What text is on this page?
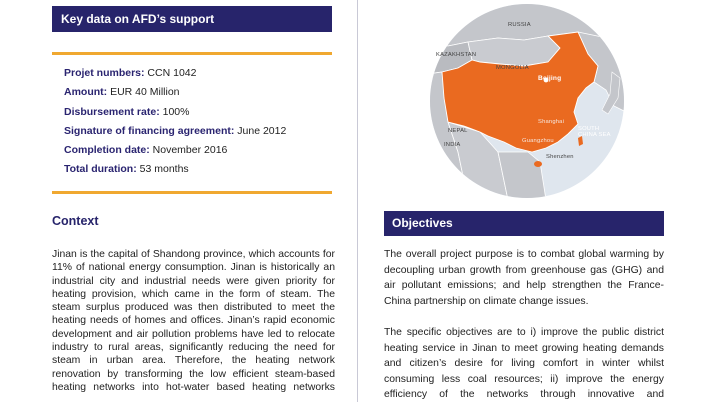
Key data on AFD’s support
Projet numbers: CCN 1042
Amount: EUR 40 Million
Disbursement rate: 100%
Signature of financing agreement: June 2012
Completion date: November 2016
Total duration: 53 months
Context
Jinan is the capital of Shandong province, which accounts for
11% of national energy consumption. Jinan is historically an
industrial city and industrial needs were given priority for
heating provision, which came in the form of steam. The
steam surplus produced was then distributed to meet the
heating needs of homes and offices. Jinan’s rapid economic
development and air pollution problems have led to relocate
industry to rural areas, significantly reducing the need for
steam in urban area. Therefore, the heating network
renovation by transforming the low efficient steam-based
heating networks into hot-water based heating networks
RUSSIA
KAZAKHSTAN
MONGOLIA
Beijing
NEPAL
INDIA
Shanghai
Guangzhou
Shenzhen
SOUTH CHINA SEA
Objectives
The overall project purpose is to combat global warming by
decoupling urban growth from greenhouse gas (GHG) and
air pollutant emissions; and help strengthen the France-
China partnership on climate change issues.
The specific objectives are to i) improve the public district
heating service in Jinan to meet growing heating demands
and citizen’s desire for living comfort in winter whilst
consuming less coal resources; ii) improve the energy
efficiency of the networks through innovative and
